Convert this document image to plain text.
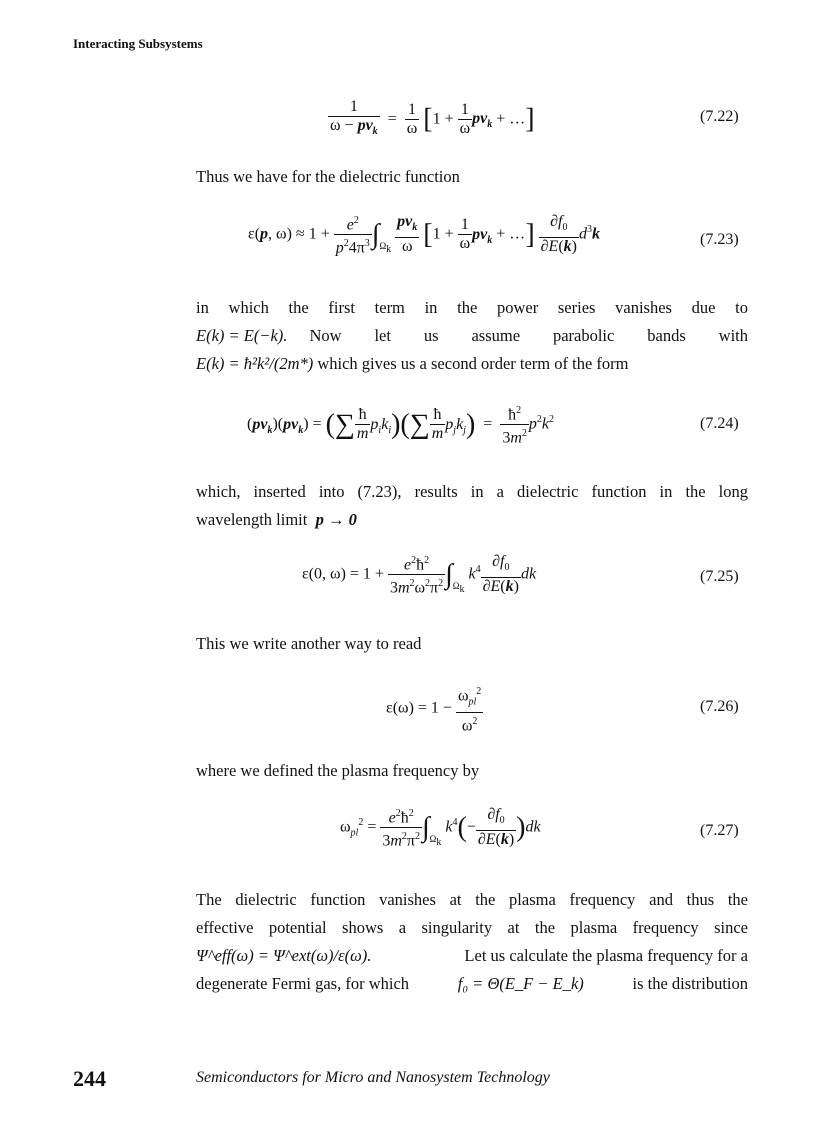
Interacting Subsystems
$\frac{1}{\omega - pv_k} = \frac{1}{\omega} [1 + \frac{1}{\omega} pv_k$ + …]	(7.22)
Thus we have for the dielectric function
ε(p, $\omega) \approx 1 + \frac{e^2}{p^24\pi^3} \int_{\Omega_k} \frac{pv_k}{\omega} [1 + \frac{1}{\omega} pv_k$ + …] $\frac{\partial f_0}{\partial E(k)} d^3k$	(7.23)
in which the first term in the power series vanishes due to
E(k) = E(−k). Now let us assume parabolic bands with
E(k) = ħ²k²/(2m*) which gives us a second order term of the form
$(pv_k)(pv_k)$ = (∑ $\frac{ħ}{m} p_ik_i)(\sum \frac{ħ}{m} p_jk_j) = \frac{ħ^2}{3m^2} p^2k^2$	(7.24)
which, inserted into (7.23), results in a dielectric function in the long
wavelength limit p → 0
ε(0, $\omega) = 1 + \frac{e^2ħ^2}{3m^2\omega^2\pi^2} \int_{\Omega_k}$ $k^4 \frac{\partial f_0}{\partial E(k)}$ dk	(7.25)
This we write another way to read
$\varepsilon(\omega) = 1 - \frac{\omega_{pl}^2}{\omega^2}$	(7.26)
where we defined the plasma frequency by
$\omega_{pl}^2 = \frac{e^2ħ^2}{3m^2\pi^2} \int_{\Omega_k}$ $k^4(- \frac{\partial f_0}{\partial E(k)} )dk$	(7.27)
The dielectric function vanishes at the plasma frequency and thus the
effective potential shows a singularity at the plasma frequency since
Ψ^eff(ω) = Ψ^ext(ω)/ε(ω).	Let us calculate the plasma frequency for a
degenerate Fermi gas, for which	f₀ = Θ(E_F − E_k)	is the distribution
244	Semiconductors for Micro and Nanosystem Technology
